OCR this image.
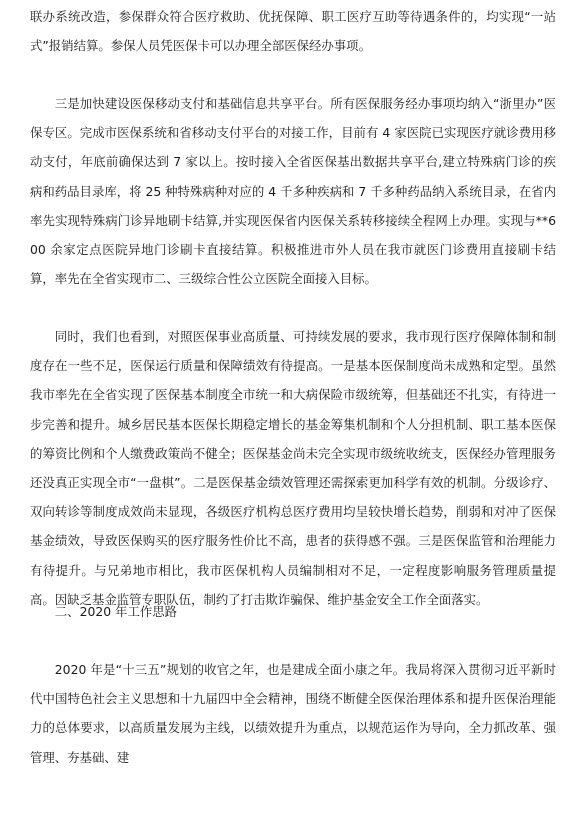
联办系统改造，参保群众符合医疗救助、优抚保障、职工医疗互助等待遇条件的，均实现“一站式”报销结算。参保人员凭医保卡可以办理全部医保经办事项。

三是加快建设医保移动支付和基础信息共享平台。所有医保服务经办事项均纳入“浙里办”医保专区。完成市医保系统和省移动支付平台的对接工作，目前有 4 家医院已实现医疗就诊费用移动支付，年底前确保达到 7 家以上。按时接入全省医保基出数据共享平台,建立特殊病门诊的疾病和药品目录库，将 25 种特殊病种对应的 4 千多种疾病和 7 千多种药品纳入系统目录，在省内率先实现特殊病门诊异地刷卡结算,并实现医保省内医保关系转移接续全程网上办理。实现与**600 余家定点医院异地门诊刷卡直接结算。积极推进市外人员在我市就医门诊费用直接刷卡结算，率先在全省实现市二、三级综合性公立医院全面接入目标。

同时，我们也看到，对照医保事业高质量、可持续发展的要求，我市现行医疗保障体制和制度存在一些不足，医保运行质量和保障绩效有待提高。一是基本医保制度尚未成熟和定型。虽然我市率先在全省实现了医保基本制度全市统一和大病保险市级统筹，但基础还不扎实，有待进一步完善和提升。城乡居民基本医保长期稳定增长的基金筹集机制和个人分担机制、职工基本医保的筹资比例和个人缴费政策尚不健全；医保基金尚未完全实现市级统收统支，医保经办管理服务还没真正实现全市“一盘棋”。二是医保基金绩效管理还需探索更加科学有效的机制。分级诊疗、双向转诊等制度成效尚未显现，各级医疗机构总医疗费用均呈较快增长趋势，削弱和对冲了医保基金绩效，导致医保购买的医疗服务性价比不高，患者的获得感不强。三是医保监管和治理能力有待提升。与兄弟地市相比，我市医保机构人员编制相对不足，一定程度影响服务管理质量提高。因缺乏基金监管专职队伍，制约了打击欺诈骗保、维护基金安全工作全面落实。

二、2020 年工作思路

2020 年是“十三五”规划的收官之年，也是建成全面小康之年。我局将深入贯彻习近平新时代中国特色社会主义思想和十九届四中全会精神，围绕不断健全医保治理体系和提升医保治理能力的总体要求，以高质量发展为主线，以绩效提升为重点，以规范运作为导向，全力抓改革、强管理、夯基础、建
